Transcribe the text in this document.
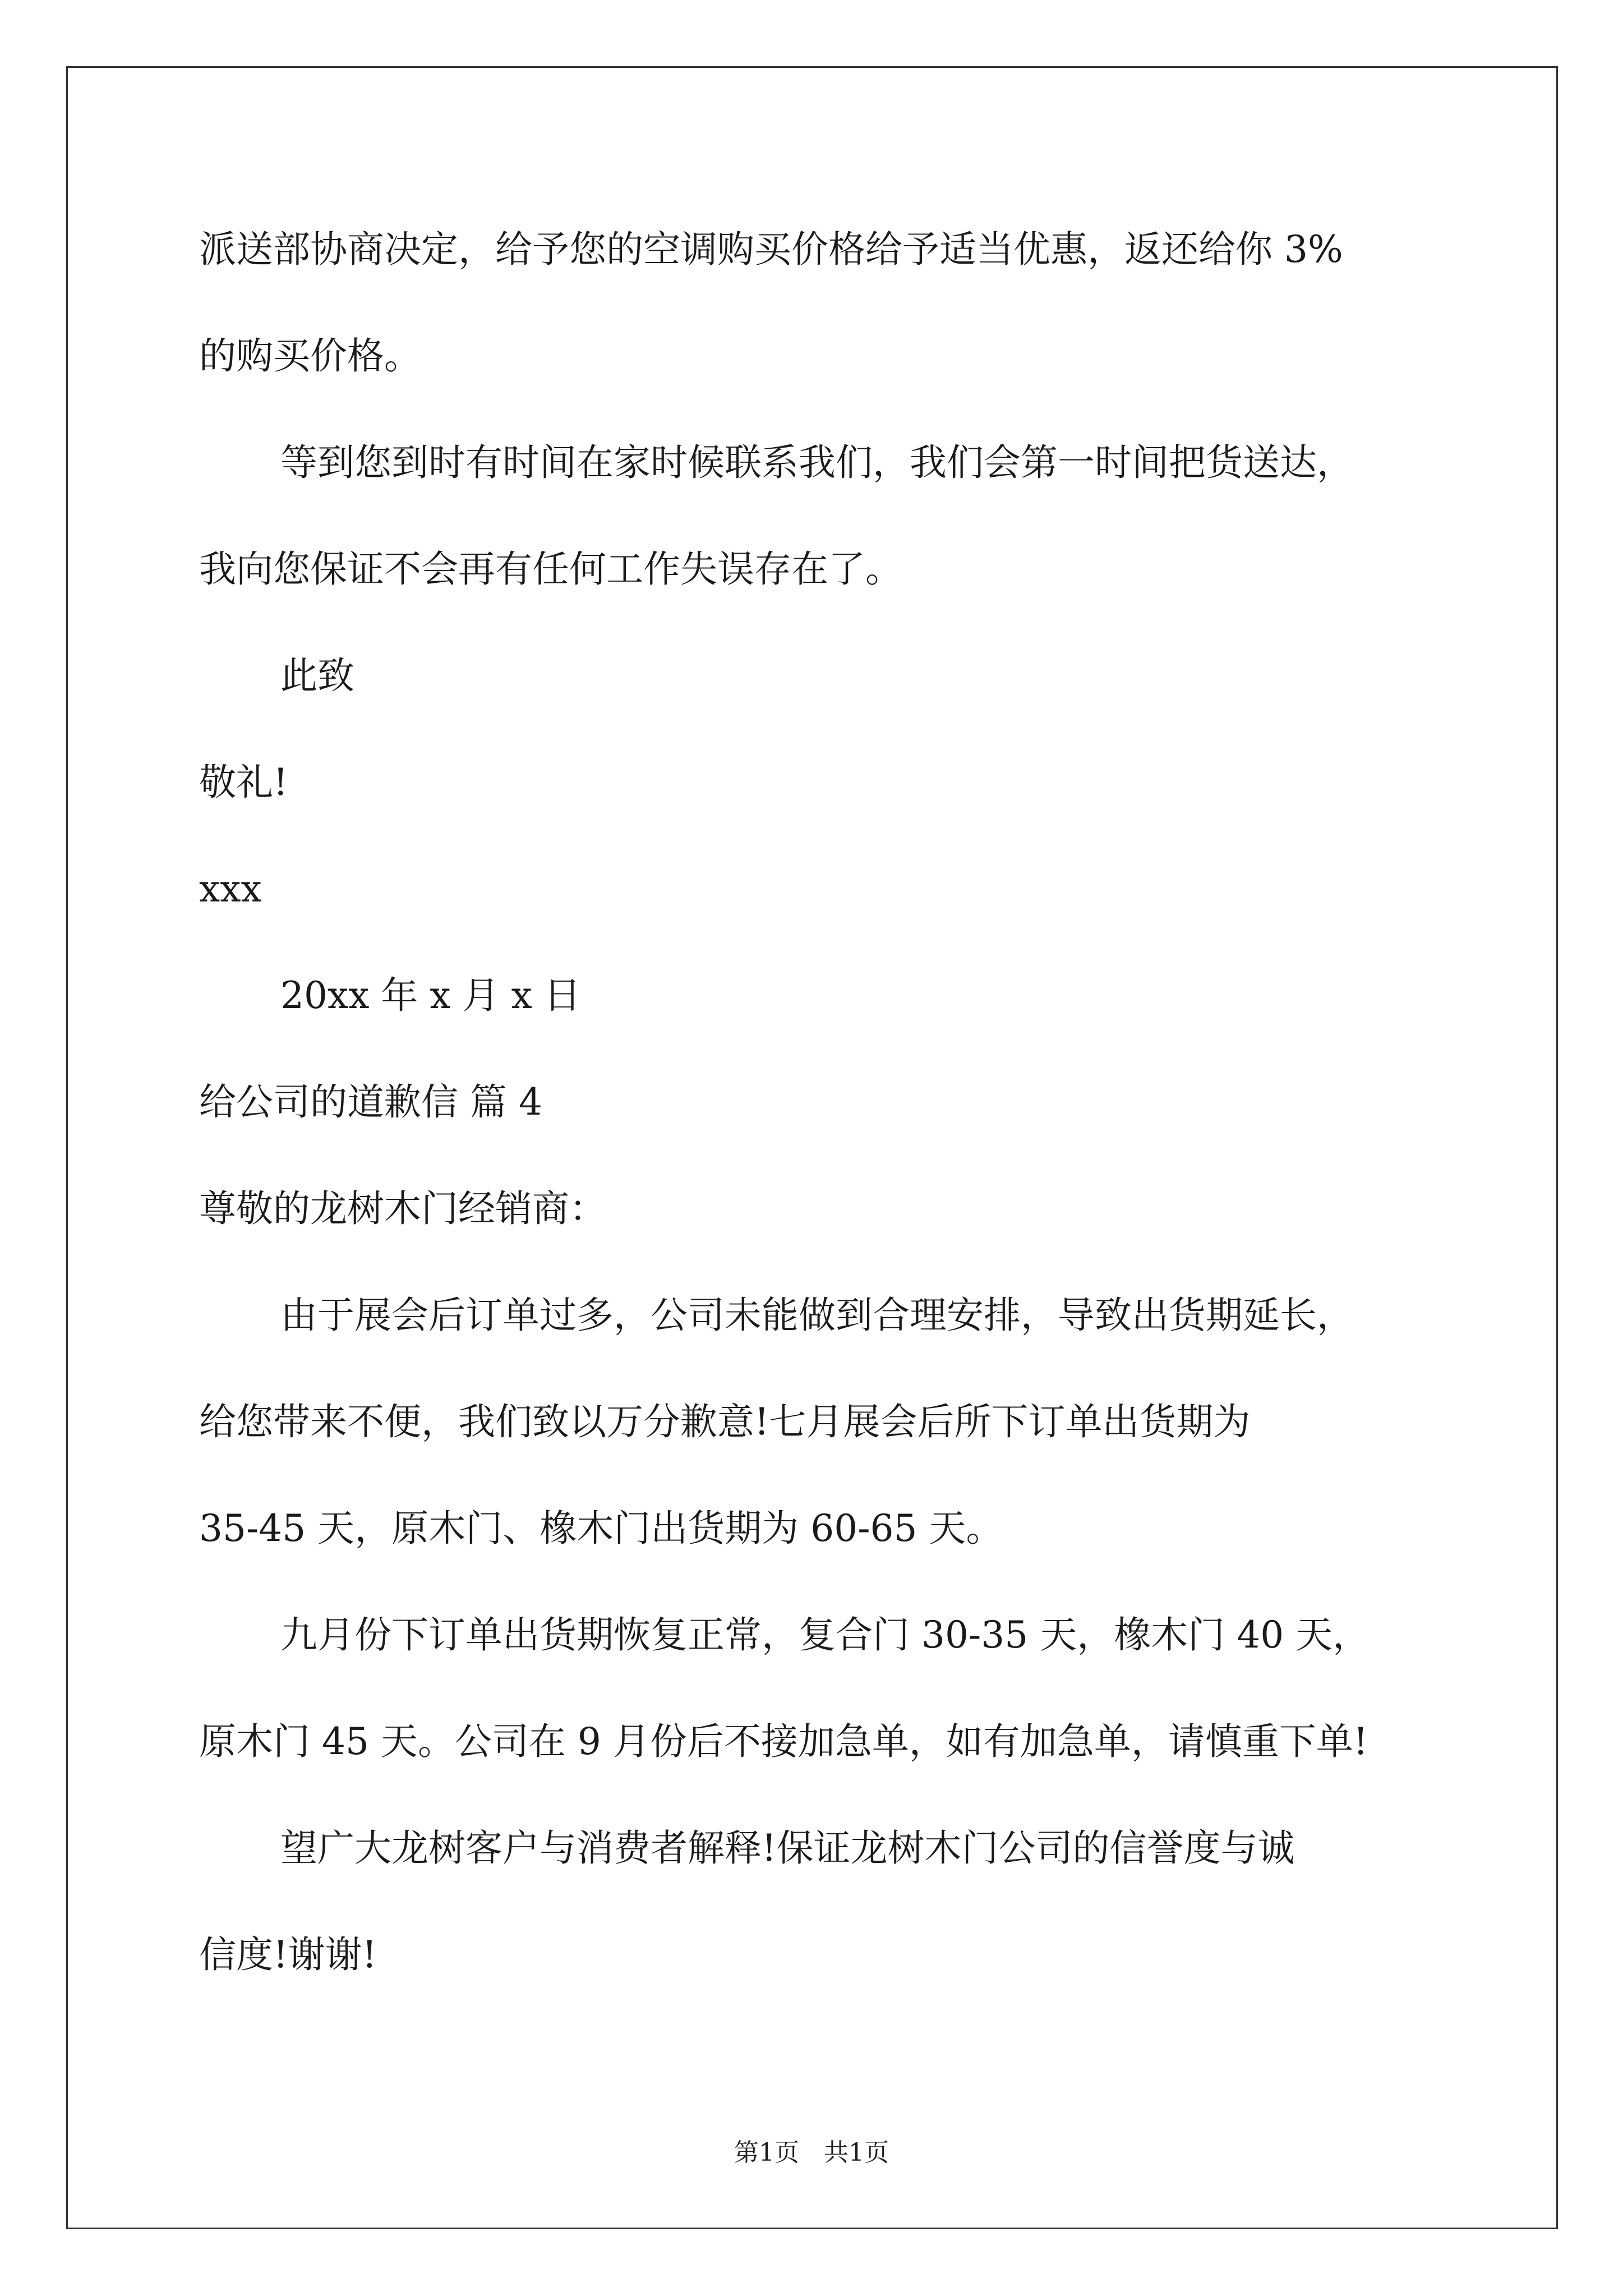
派送部协商决定，给予您的空调购买价格给予适当优惠，返还给你 3%
的购买价格。
等到您到时有时间在家时候联系我们，我们会第一时间把货送达，
我向您保证不会再有任何工作失误存在了。
此致
敬礼!
xxx
20xx 年 x 月 x 日
给公司的道歉信 篇 4
尊敬的龙树木门经销商：
由于展会后订单过多，公司未能做到合理安排，导致出货期延长，
给您带来不便，我们致以万分歉意!七月展会后所下订单出货期为
35-45 天，原木门、橡木门出货期为 60-65 天。
九月份下订单出货期恢复正常，复合门 30-35 天，橡木门 40 天，
原木门 45 天。公司在 9 月份后不接加急单，如有加急单，请慎重下单!
望广大龙树客户与消费者解释!保证龙树木门公司的信誉度与诚
信度!谢谢!
第1页　共1页
